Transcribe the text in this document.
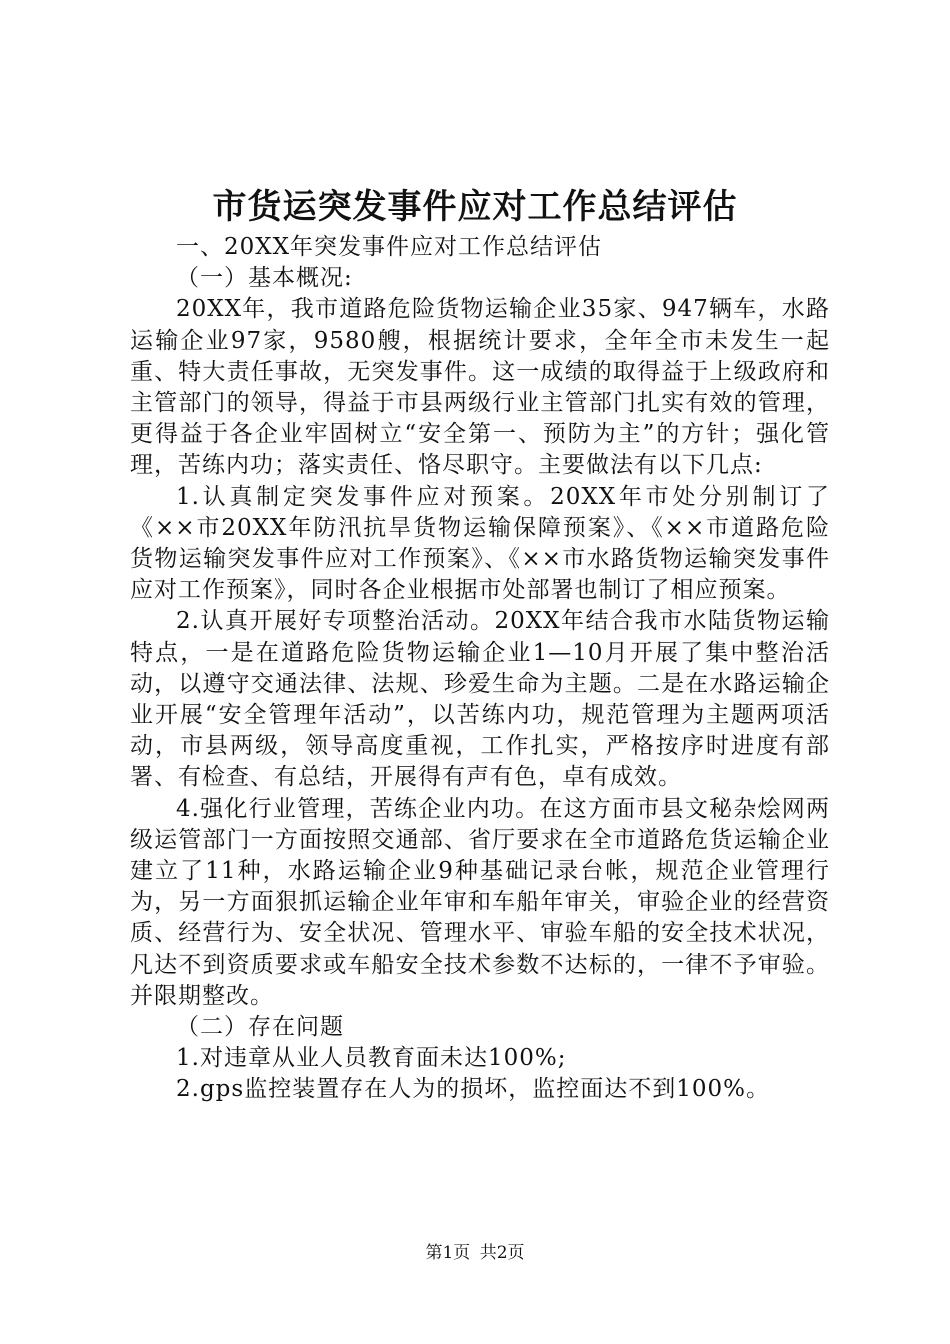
市货运突发事件应对工作总结评估

一、20XX年突发事件应对工作总结评估

（一）基本概况:

20XX年，我市道路危险货物运输企业35家、947辆车，水路运输企业97家，9580艘，根据统计要求，全年全市未发生一起重、特大责任事故，无突发事件。这一成绩的取得益于上级政府和主管部门的领导，得益于市县两级行业主管部门扎实有效的管理，更得益于各企业牢固树立“安全第一、预防为主”的方针；强化管理，苦练内功；落实责任、恪尽职守。主要做法有以下几点:

1.认真制定突发事件应对预案。20XX年市处分别制订了《××市20XX年防汛抗旱货物运输保障预案》、《××市道路危险货物运输突发事件应对工作预案》、《××市水路货物运输突发事件应对工作预案》，同时各企业根据市处部署也制订了相应预案。

2.认真开展好专项整治活动。20XX年结合我市水陆货物运输特点，一是在道路危险货物运输企业1—10月开展了集中整治活动，以遵守交通法律、法规、珍爱生命为主题。二是在水路运输企业开展“安全管理年活动”，以苦练内功，规范管理为主题两项活动，市县两级，领导高度重视，工作扎实，严格按序时进度有部署、有检查、有总结，开展得有声有色，卓有成效。

4.强化行业管理，苦练企业内功。在这方面市县文秘杂烩网两级运管部门一方面按照交通部、省厅要求在全市道路危货运输企业建立了11种，水路运输企业9种基础记录台帐，规范企业管理行为，另一方面狠抓运输企业年审和车船年审关，审验企业的经营资质、经营行为、安全状况、管理水平、审验车船的安全技术状况，凡达不到资质要求或车船安全技术参数不达标的，一律不予审验。并限期整改。

（二）存在问题

1.对违章从业人员教育面未达100%;

2.gps监控装置存在人为的损坏，监控面达不到100%。

第1页 共2页
